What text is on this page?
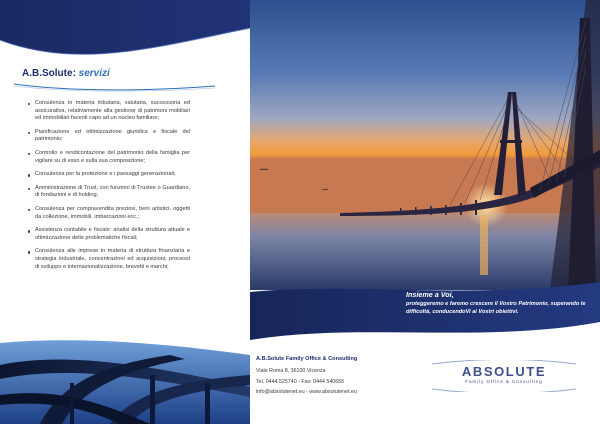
A.B.Solute: servizi
Consulenza in materia tributaria, valutaria, successoria ed assicurativa, relativamente alla gestione di patrimoni mobiliari ed immobiliari facenti capo ad un nucleo familiare;
Pianificazione ed ottimizzazione giuridica e fiscale del patrimonio;
Controllo e rendicontazione del patrimonio della famiglia per vigilare su di esso e sulla sua composizione;
Consulenza per la protezione e i passaggi generazionali;
Amministrazione di Trust, con funzioni di Trustee o Guardiano, di fondazioni e di holding;
Consulenza per compravendita preziosi, beni artistici, oggetti da collezione, immobili, imbarcazioni ecc.;
Assistenza contabile e fiscale: analisi della struttura attuale e ottimizzazione delle problematiche fiscali;
Consulenza alle imprese in materia di struttura finanziaria e strategia industriale, concentrazioni ed acquisizioni, processi di sviluppo e internazionalizzazione, brevetti e marchi;
Insieme a Voi,
proteggeremo e faremo crescere il Vostro Patrimonio, superando le difficoltà, conducendoVi ai Vostri obiettivi.
A.B.Solute Family Office & Consulting
Viale Roma 8, 36100 Vicenza
Tel. 0444 525740 - Fax: 0444 540655
info@absolutenet.eu - www.absolutenet.eu
ABSOLUTE
Family Office & Consulting
